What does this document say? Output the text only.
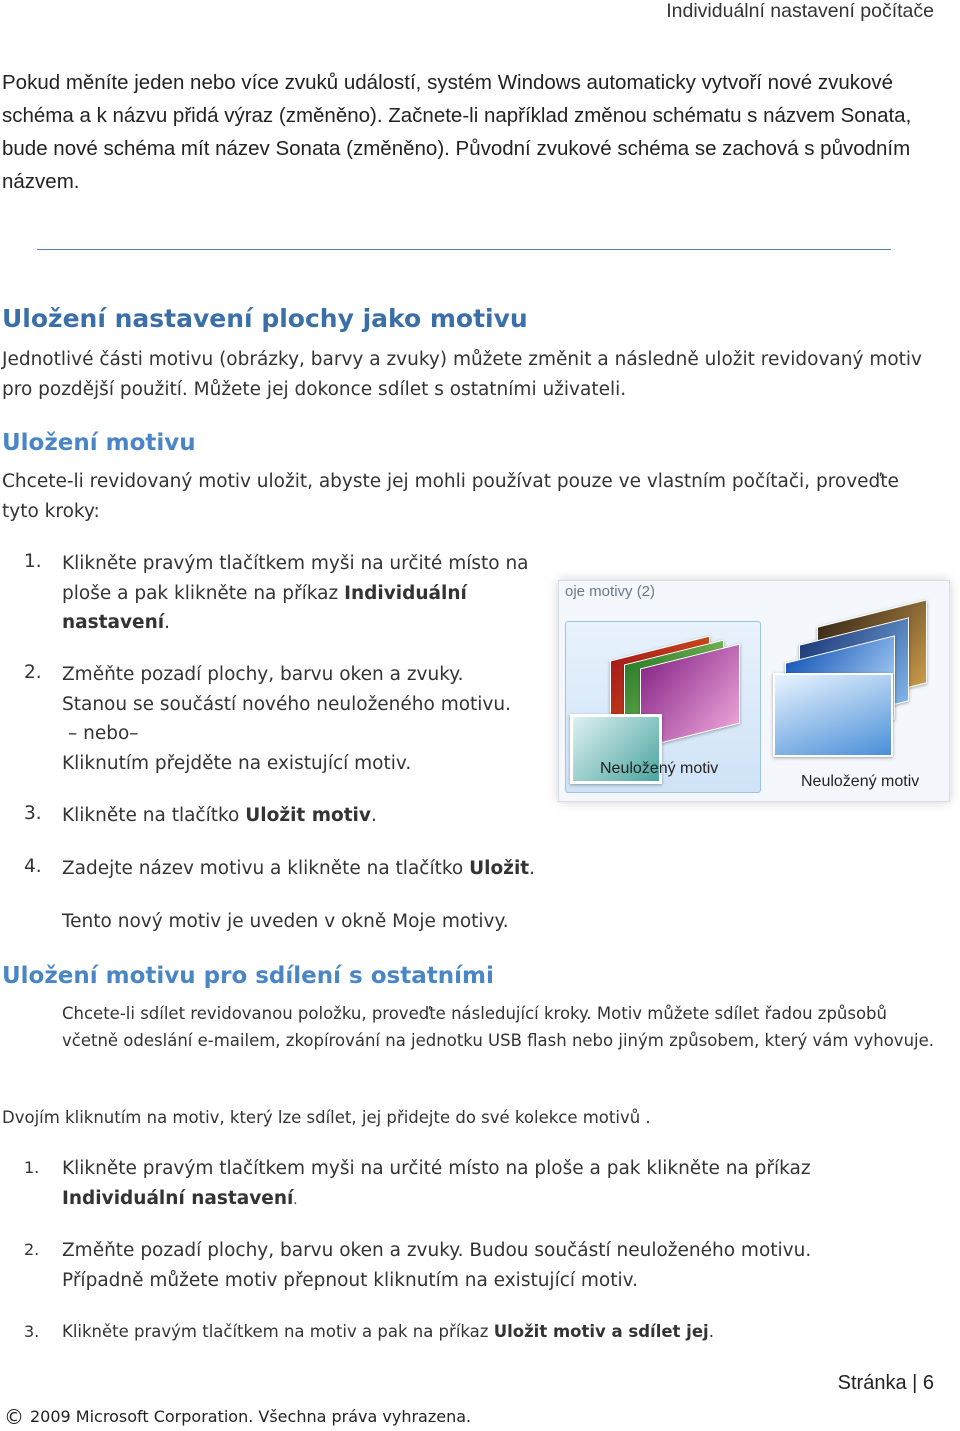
Individuální nastavení počítače

Pokud měníte jeden nebo více zvuků událostí, systém Windows automaticky vytvoří nové zvukové schéma a k názvu přidá výraz (změněno). Začnete-li například změnou schématu s názvem Sonata, bude nové schéma mít název Sonata (změněno). Původní zvukové schéma se zachová s původním názvem.

Uložení nastavení plochy jako motivu

Jednotlivé části motivu (obrázky, barvy a zvuky) můžete změnit a následně uložit revidovaný motiv pro pozdější použití. Můžete jej dokonce sdílet s ostatními uživateli.

Uložení motivu

Chcete-li revidovaný motiv uložit, abyste jej mohli používat pouze ve vlastním počítači, proveďte tyto kroky:

1. Klikněte pravým tlačítkem myši na určité místo na ploše a pak klikněte na příkaz Individuální nastavení.
2. Změňte pozadí plochy, barvu oken a zvuky.
Stanou se součástí nového neuloženého motivu.
– nebo–
Kliknutím přejděte na existující motiv.
3. Klikněte na tlačítko Uložit motiv.
4. Zadejte název motivu a klikněte na tlačítko Uložit.
Tento nový motiv je uveden v okně Moje motivy.
oje motivy (2)
Neuložený motiv
Neuložený motiv
Uložení motivu pro sdílení s ostatními

Chcete-li sdílet revidovanou položku, proveďte následující kroky. Motiv můžete sdílet řadou způsobů včetně odeslání e-mailem, zkopírování na jednotku USB flash nebo jiným způsobem, který vám vyhovuje.

Dvojím kliknutím na motiv, který lze sdílet, jej přidejte do své kolekce motivů .

1. Klikněte pravým tlačítkem myši na určité místo na ploše a pak klikněte na příkaz Individuální nastavení.
2. Změňte pozadí plochy, barvu oken a zvuky. Budou součástí neuloženého motivu.
Případně můžete motiv přepnout kliknutím na existující motiv.
3. Klikněte pravým tlačítkem na motiv a pak na příkaz Uložit motiv a sdílet jej.
Stránka | 6
© 2009 Microsoft Corporation. Všechna práva vyhrazena.
